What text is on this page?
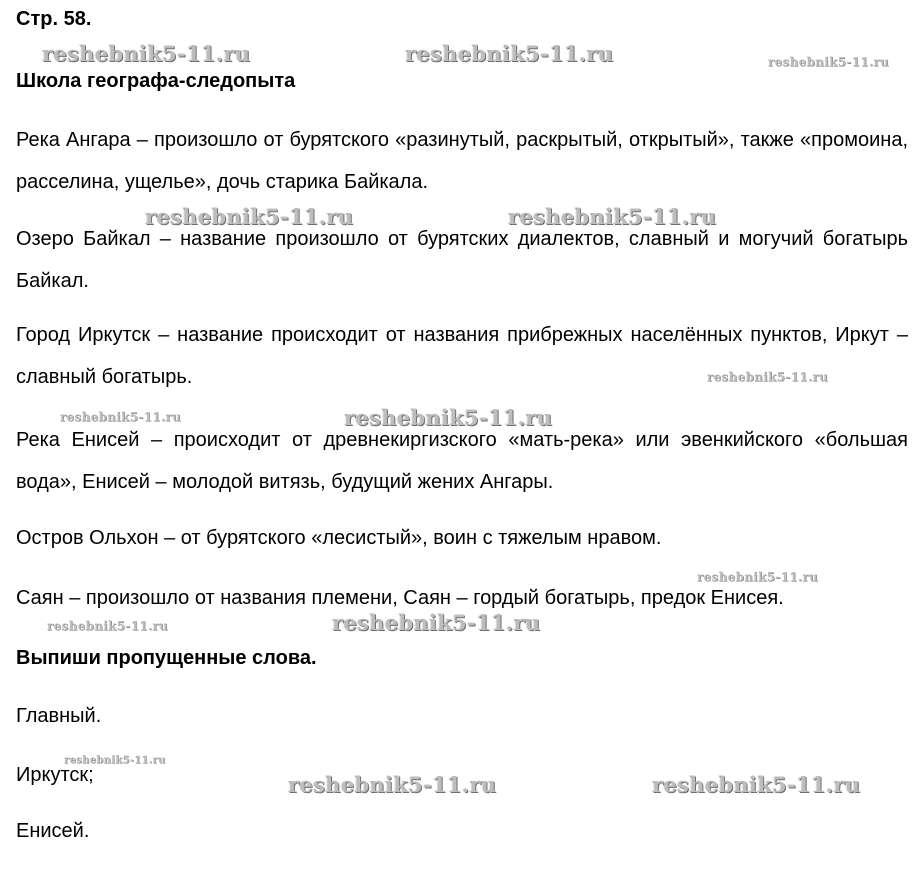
Стр. 58.
Школа географа-следопыта
Река Ангара – произошло от бурятского «разинутый, раскрытый, открытый», также «промоина, расселина, ущелье», дочь старика Байкала.
Озеро Байкал – название произошло от бурятских диалектов, славный и могучий богатырь Байкал.
Город Иркутск – название происходит от названия прибрежных населённых пунктов, Иркут – славный богатырь.
Река Енисей – происходит от древнекиргизского «мать-река» или эвенкийского «большая вода», Енисей – молодой витязь, будущий жених Ангары.
Остров Ольхон – от бурятского «лесистый», воин с тяжелым нравом.
Саян – произошло от названия племени, Саян – гордый богатырь, предок Енисея.
Выпиши пропущенные слова.
Главный.
Иркутск;
Енисей.
reshebnik5-11.ru	reshebnik5-11.ru	reshebnik5-11.ru
reshebnik5-11.ru	reshebnik5-11.ru
reshebnik5-11.ru
reshebnik5-11.ru	reshebnik5-11.ru
reshebnik5-11.ru
reshebnik5-11.ru	reshebnik5-11.ru
reshebnik5-11.ru
reshebnik5-11.ru	reshebnik5-11.ru
